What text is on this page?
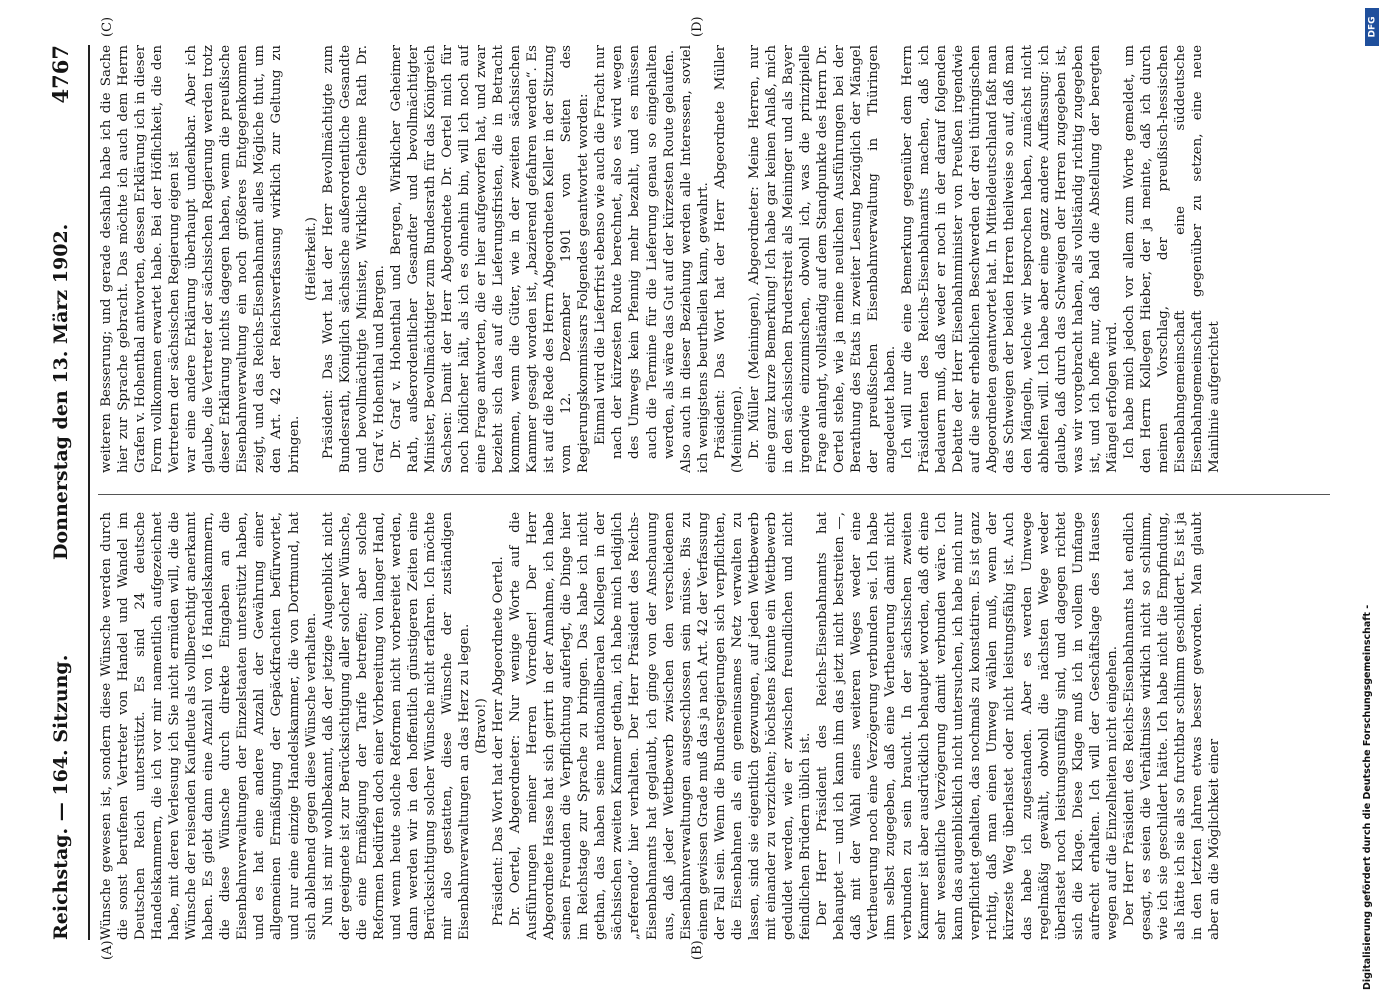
Reichstag. — 164. Sitzung.
Donnerstag den 13. März 1902.
4767
(A)	(B)
(C)	(D)

Wünsche gewesen ist, sondern diese Wünsche werden durch die sonst berufenen Vertreter von Handel und Wandel im Deutschen Reich unterstützt. Es sind 24 deutsche Handelskammern, die ich vor mir namentlich aufgezeichnet habe, mit deren Verlesung ich Sie nicht ermüden will, die die Wünsche der reisenden Kaufleute als vollberechtigt anerkannt haben. Es giebt dann eine Anzahl von 16 Handelskammern, die diese Wünsche durch direkte Eingaben an die Eisenbahnverwaltungen der Einzelstaaten unterstützt haben, und es hat eine andere Anzahl der Gewährung einer allgemeinen Ermäßigung der Gepäckfrachten befürwortet, und nur eine einzige Handelskammer, die von Dortmund, hat sich ablehnend gegen diese Wünsche verhalten. Nun ist mir wohlbekannt, daß der jetzige Augenblick nicht der geeignete ist zur Berücksichtigung aller solcher Wünsche, die eine Ermäßigung der Tarife betreffen; aber solche Reformen bedürfen doch einer Vorbereitung von langer Hand, und wenn heute solche Reformen nicht vorbereitet werden, dann werden wir in den hoffentlich günstigeren Zeiten eine Berücksichtigung solcher Wünsche nicht erfahren. Ich möchte mir also gestatten, diese Wünsche der zuständigen Eisenbahnverwaltungen an das Herz zu legen. (Bravo!) Präsident: Das Wort hat der Herr Abgeordnete Oertel. Dr. Oertel, Abgeordneter: Nur wenige Worte auf die Ausführungen meiner Herren Vorredner! Der Herr Abgeordnete Hasse hat sich geirrt in der Annahme, ich habe seinen Freunden die Verpflichtung auferlegt, die Dinge hier im Reichstage zur Sprache zu bringen. Das habe ich nicht gethan, das haben seine nationalliberalen Kollegen in der sächsischen zweiten Kammer gethan, ich habe mich lediglich „referendo“ hier verhalten. Der Herr Präsident des Reichs-Eisenbahnamts hat geglaubt, ich ginge von der Anschauung aus, daß jeder Wettbewerb zwischen den verschiedenen Eisenbahnverwaltungen ausgeschlossen sein müsse. Bis zu einem gewissen Grade muß das ja nach Art. 42 der Verfassung der Fall sein. Wenn die Bundesregierungen sich verpflichten, die Eisenbahnen als ein gemeinsames Netz verwalten zu lassen, sind sie eigentlich gezwungen, auf jeden Wettbewerb mit einander zu verzichten; höchstens könnte ein Wettbewerb geduldet werden, wie er zwischen freundlichen und nicht feindlichen Brüdern üblich ist. Der Herr Präsident des Reichs-Eisenbahnamts hat behauptet — und ich kann ihm das jetzt nicht bestreiten —, daß mit der Wahl eines weiteren Weges weder eine Vertheuerung noch eine Verzögerung verbunden sei. Ich habe ihm selbst zugegeben, daß eine Vertheuerung damit nicht verbunden zu sein braucht. In der sächsischen zweiten Kammer ist aber ausdrücklich behauptet worden, daß oft eine sehr wesentliche Verzögerung damit verbunden wäre. Ich kann das augenblicklich nicht untersuchen, ich habe mich nur verpflichtet gehalten, das nochmals zu konstatiren. Es ist ganz richtig, daß man einen Umweg wählen muß, wenn der kürzeste Weg überlastet oder nicht leistungsfähig ist. Auch das habe ich zugestanden. Aber es werden Umwege regelmäßig gewählt, obwohl die nächsten Wege weder überlastet noch leistungsunfähig sind, und dagegen richtet sich die Klage. Diese Klage muß ich in vollem Umfange aufrecht erhalten. Ich will der Geschäftslage des Hauses wegen auf die Einzelheiten nicht eingehen. Der Herr Präsident des Reichs-Eisenbahnamts hat endlich gesagt, es seien die Verhältnisse wirklich nicht so schlimm, wie ich sie geschildert hätte. Ich habe nicht die Empfindung, als hätte ich sie als so furchtbar schlimm geschildert. Es ist ja in den letzten Jahren etwas besser geworden. Man glaubt aber an die Möglichkeit einer

weiteren Besserung; und gerade deshalb habe ich die Sache hier zur Sprache gebracht. Das möchte ich auch dem Herrn Grafen v. Hohenthal antworten, dessen Erklärung ich in dieser Form vollkommen erwartet habe. Bei der Höflichkeit, die den Vertretern der sächsischen Regierung eigen ist war eine andere Erklärung überhaupt undenkbar. Aber ich glaube, die Vertreter der sächsischen Regierung werden trotz dieser Erklärung nichts dagegen haben, wenn die preußische Eisenbahnverwaltung ein noch größeres Entgegenkommen zeigt, und das Reichs-Eisenbahnamt alles Mögliche thut, um den Art. 42 der Reichsverfassung wirklich zur Geltung zu bringen.

(Heiterkeit.) Präsident: Das Wort hat der Herr Bevollmächtigte zum Bundesrath, Königlich sächsische außerordentliche Gesandte und bevollmächtigte Minister, Wirkliche Geheime Rath Dr. Graf v. Hohenthal und Bergen. Dr. Graf v. Hohenthal und Bergen, Wirklicher Geheimer Rath, außerordentlicher Gesandter und bevollmächtigter Minister, Bevollmächtigter zum Bundesrath für das Königreich Sachsen: Damit der Herr Abgeordnete Dr. Oertel mich für noch höflicher hält, als ich es ohnehin bin, will ich noch auf eine Frage antworten, die er hier aufgeworfen hat, und zwar bezieht sich das auf die Lieferungsfristen, die in Betracht kommen, wenn die Güter, wie in der zweiten sächsischen Kammer gesagt worden ist, „bazierend gefahren werden“. Es ist auf die Rede des Herrn Abgeordneten Keller in der Sitzung vom 12. Dezember 1901 von Seiten des Regierungskommissars Folgendes geantwortet worden: Einmal wird die Lieferfrist ebenso wie auch die Fracht nur nach der kürzesten Route berechnet, also es wird wegen des Umwegs kein Pfennig mehr bezahlt, und es müssen auch die Termine für die Lieferung genau so eingehalten werden, als wäre das Gut auf der kürzesten Route gelaufen. Also auch in dieser Beziehung werden alle Interessen, soviel ich wenigstens beurtheilen kann, gewahrt. Präsident: Das Wort hat der Herr Abgeordnete Müller (Meiningen). Dr. Müller (Meiningen), Abgeordneter: Meine Herren, nur eine ganz kurze Bemerkung! Ich habe gar keinen Anlaß, mich in den sächsischen Bruderstreit als Meininger und als Bayer irgendwie einzumischen, obwohl ich, was die prinzipielle Frage anlangt, vollständig auf dem Standpunkte des Herrn Dr. Oertel stehe, wie ja meine neulichen Ausführungen bei der Berathung des Etats in zweiter Lesung bezüglich der Mängel der preußischen Eisenbahnverwaltung in Thüringen angedeutet haben. Ich will nur die eine Bemerkung gegenüber dem Herrn Präsidenten des Reichs-Eisenbahnamts machen, daß ich bedauern muß, daß weder er noch in der darauf folgenden Debatte der Herr Eisenbahnminister von Preußen irgendwie auf die sehr erheblichen Beschwerden der drei thüringischen Abgeordneten geantwortet hat. In Mitteldeutschland faßt man das Schweigen der beiden Herren theilweise so auf, daß man den Mängeln, welche wir besprochen haben, zunächst nicht abhelfen will. Ich habe aber eine ganz andere Auffassung: ich glaube, daß durch das Schweigen der Herren zugegeben ist, was wir vorgebracht haben, als vollständig richtig zugegeben ist, und ich hoffe nur, daß bald die Abstellung der beregten Mängel erfolgen wird. Ich habe mich jedoch vor allem zum Worte gemeldet, um den Herrn Kollegen Hieber, der ja meinte, daß ich durch meinen Vorschlag, der preußisch-hessischen Eisenbahngemeinschaft eine süddeutsche Eisenbahngemeinschaft gegenüber zu setzen, eine neue Mainlinie aufgerichtet

Digitalisierung gefördert durch die Deutsche Forschungsgemeinschaft -
DFG
